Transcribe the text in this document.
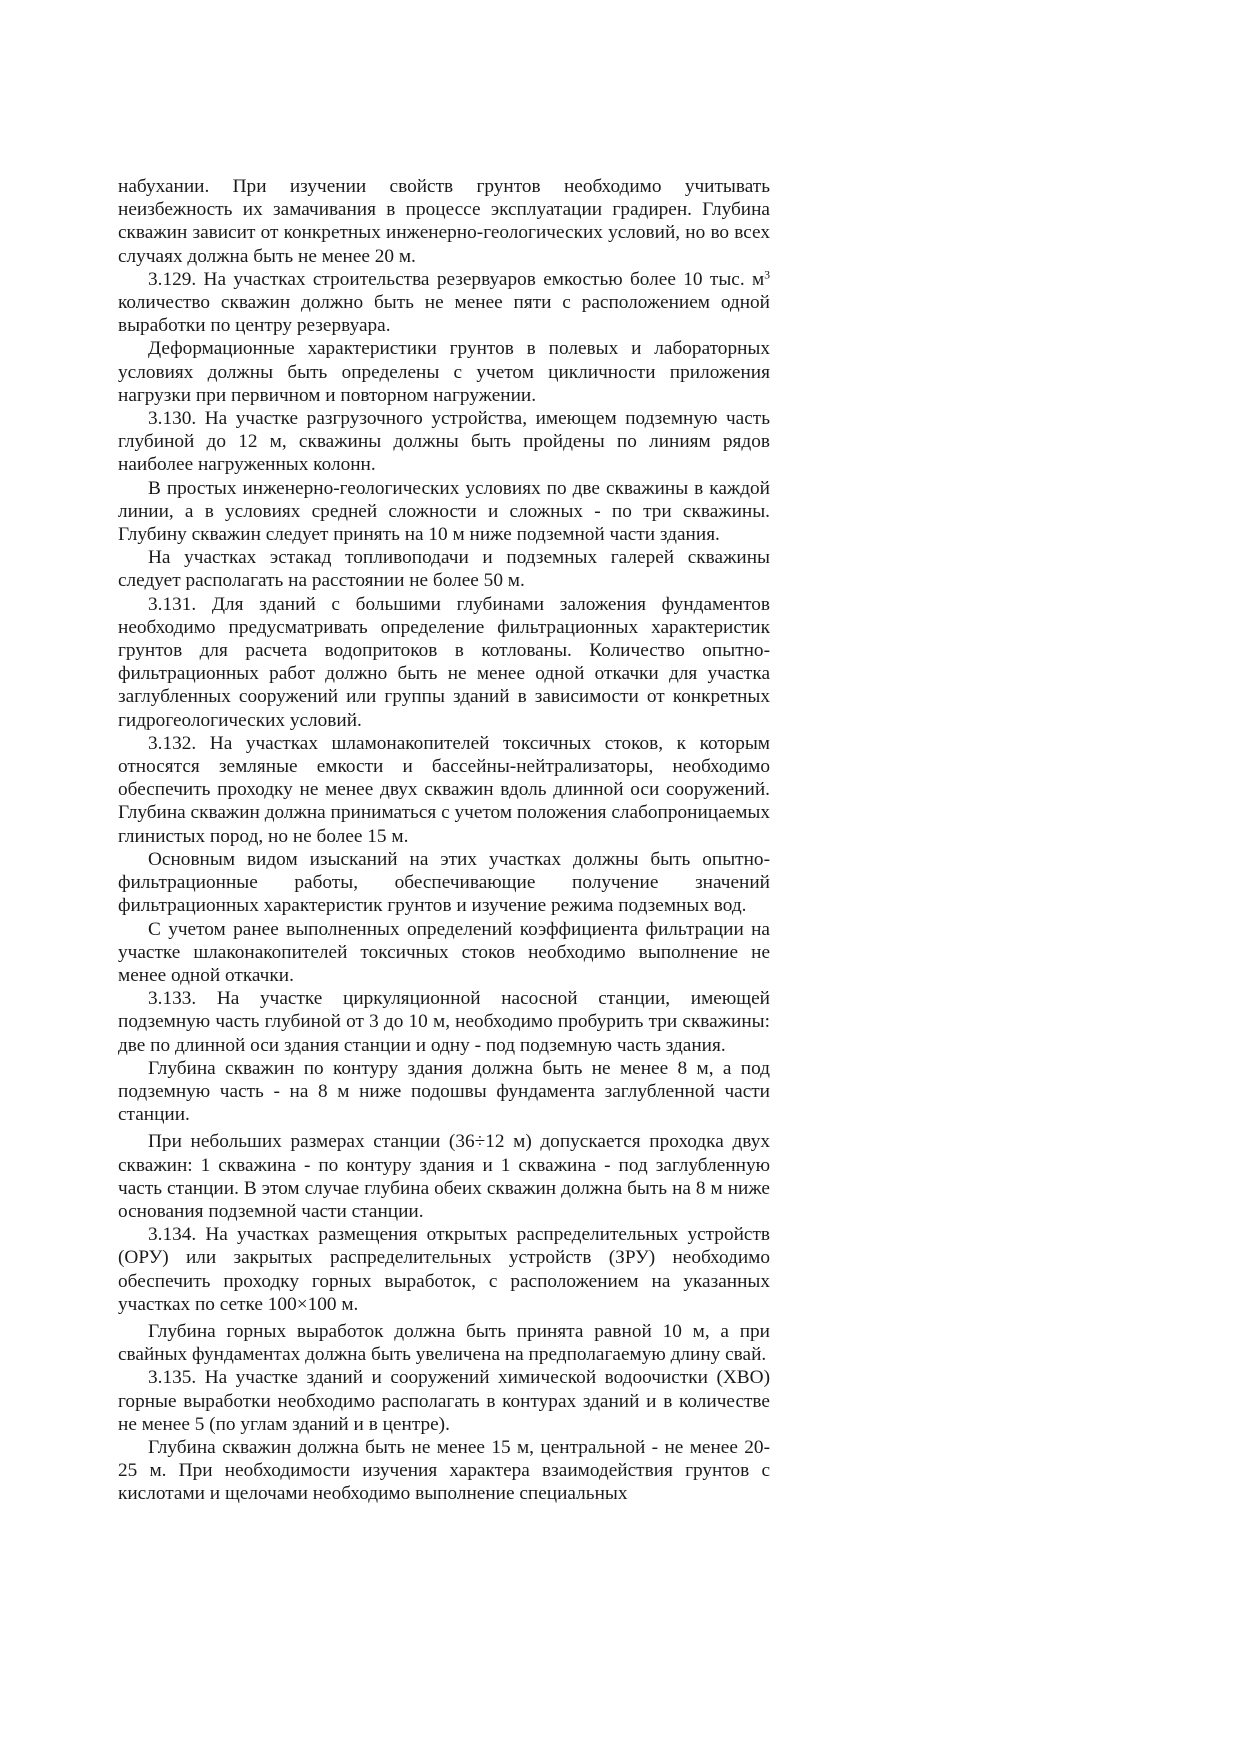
набухании. При изучении свойств грунтов необходимо учитывать неизбежность их замачивания в процессе эксплуатации градирен. Глубина скважин зависит от конкретных инженерно-геологических условий, но во всех случаях должна быть не менее 20 м.

3.129. На участках строительства резервуаров емкостью более 10 тыс. $м^3$ количество скважин должно быть не менее пяти с расположением одной выработки по центру резервуара.

Деформационные характеристики грунтов в полевых и лабораторных условиях должны быть определены с учетом цикличности приложения нагрузки при первичном и повторном нагружении.

3.130. На участке разгрузочного устройства, имеющем подземную часть глубиной до 12 м, скважины должны быть пройдены по линиям рядов наиболее нагруженных колонн.

В простых инженерно-геологических условиях по две скважины в каждой линии, а в условиях средней сложности и сложных - по три скважины. Глубину скважин следует принять на 10 м ниже подземной части здания.

На участках эстакад топливоподачи и подземных галерей скважины следует располагать на расстоянии не более 50 м.

3.131. Для зданий с большими глубинами заложения фундаментов необходимо предусматривать определение фильтрационных характеристик грунтов для расчета водопритоков в котлованы. Количество опытно-фильтрационных работ должно быть не менее одной откачки для участка заглубленных сооружений или группы зданий в зависимости от конкретных гидрогеологических условий.

3.132. На участках шламонакопителей токсичных стоков, к которым относятся земляные емкости и бассейны-нейтрализаторы, необходимо обеспечить проходку не менее двух скважин вдоль длинной оси сооружений. Глубина скважин должна приниматься с учетом положения слабопроницаемых глинистых пород, но не более 15 м.

Основным видом изысканий на этих участках должны быть опытно-фильтрационные работы, обеспечивающие получение значений фильтрационных характеристик грунтов и изучение режима подземных вод.

С учетом ранее выполненных определений коэффициента фильтрации на участке шлаконакопителей токсичных стоков необходимо выполнение не менее одной откачки.

3.133. На участке циркуляционной насосной станции, имеющей подземную часть глубиной от 3 до 10 м, необходимо пробурить три скважины: две по длинной оси здания станции и одну - под подземную часть здания.

Глубина скважин по контуру здания должна быть не менее 8 м, а под подземную часть - на 8 м ниже подошвы фундамента заглубленной части станции.

При небольших размерах станции (36÷12 м) допускается проходка двух скважин: 1 скважина - по контуру здания и 1 скважина - под заглубленную часть станции. В этом случае глубина обеих скважин должна быть на 8 м ниже основания подземной части станции.

3.134. На участках размещения открытых распределительных устройств (ОРУ) или закрытых распределительных устройств (ЗРУ) необходимо обеспечить проходку горных выработок, с расположением на указанных участках по сетке 100×100 м.

Глубина горных выработок должна быть принята равной 10 м, а при свайных фундаментах должна быть увеличена на предполагаемую длину свай.

3.135. На участке зданий и сооружений химической водоочистки (ХВО) горные выработки необходимо располагать в контурах зданий и в количестве не менее 5 (по углам зданий и в центре).

Глубина скважин должна быть не менее 15 м, центральной - не менее 20-25 м. При необходимости изучения характера взаимодействия грунтов с кислотами и щелочами необходимо выполнение специальных
